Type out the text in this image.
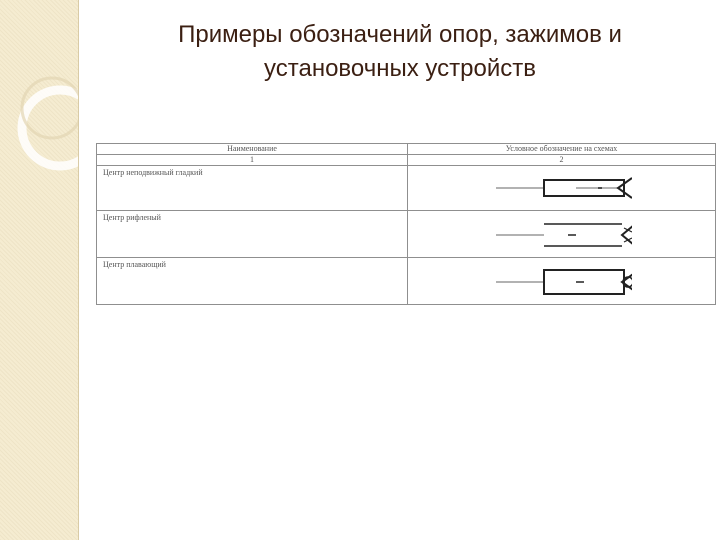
Примеры обозначений опор, зажимов и
установочных устройств
Наименование	Условное обозначение на схемах
1	2
Центр неподвижный гладкий	

Центр рифленый	

Центр плавающий	
